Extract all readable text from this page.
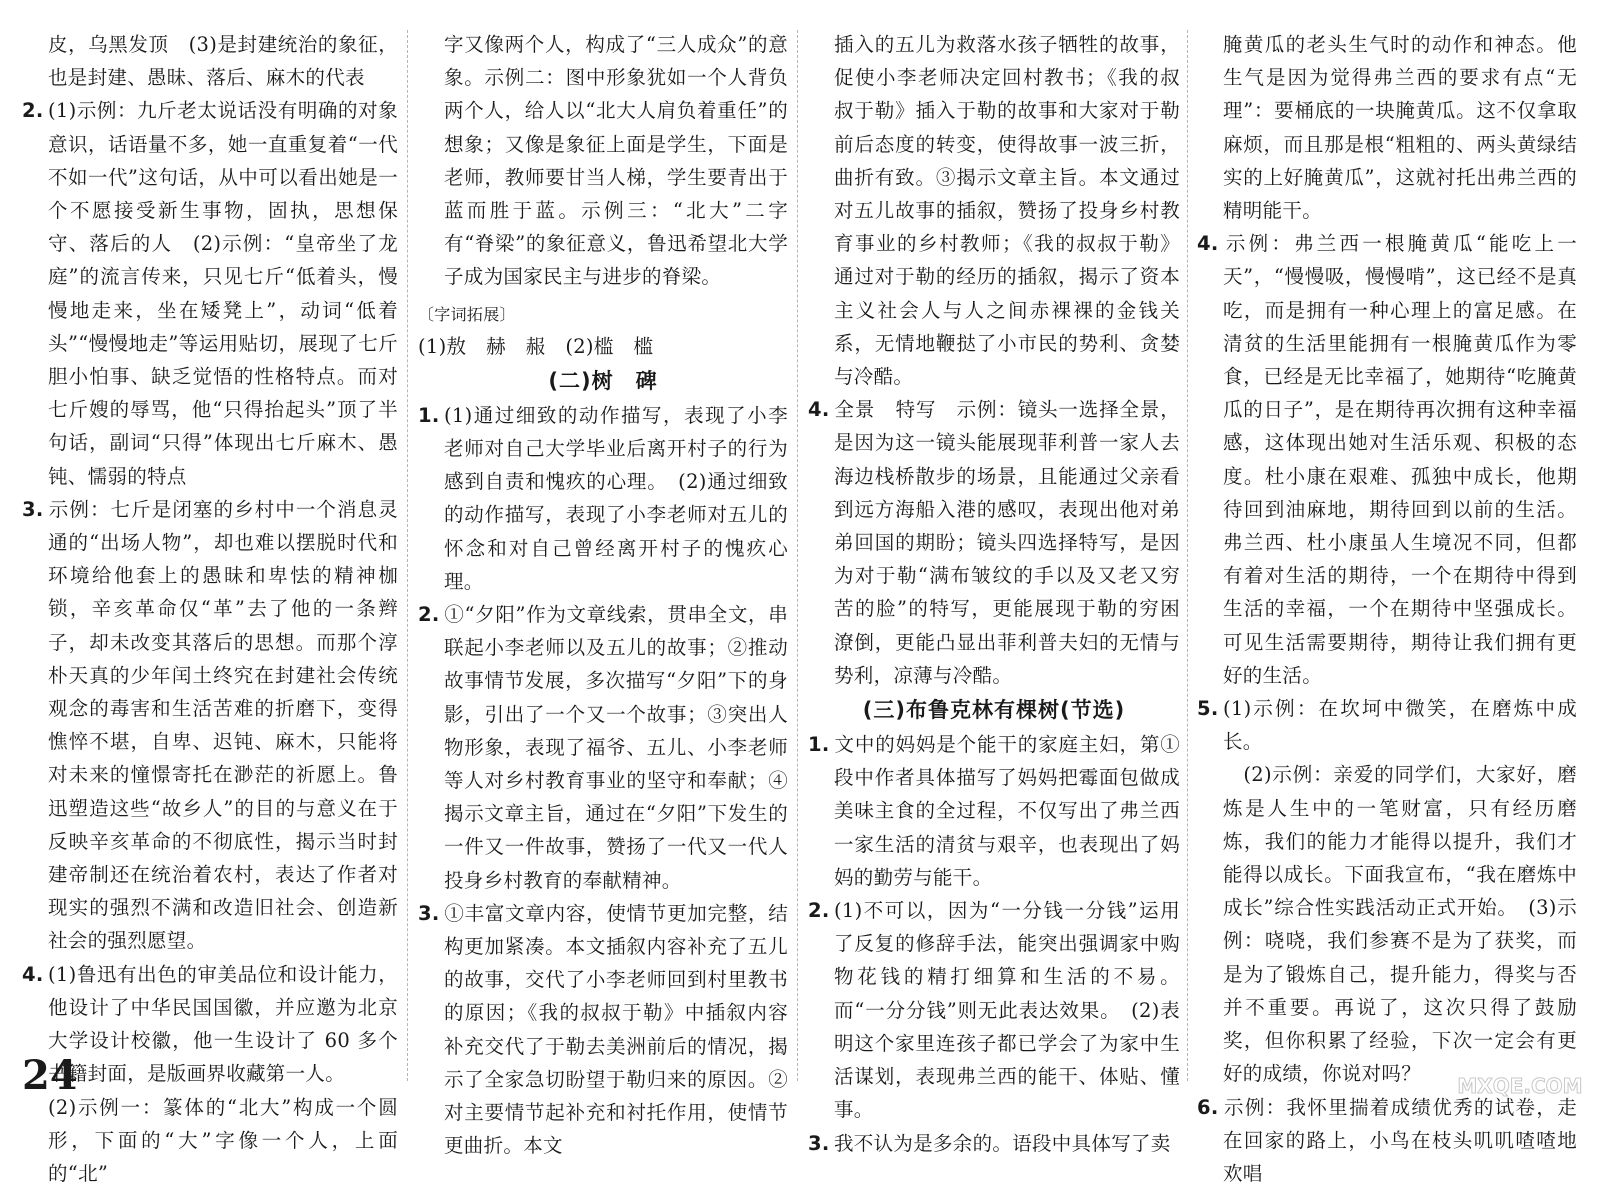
皮，乌黑发顶　(3)是封建统治的象征，也是封建、愚昧、落后、麻木的代表

2. (1)示例：九斤老太说话没有明确的对象意识，话语量不多，她一直重复着“一代不如一代”这句话，从中可以看出她是一个不愿接受新生事物，固执，思想保守、落后的人　(2)示例：“皇帝坐了龙庭”的流言传来，只见七斤“低着头，慢慢地走来，坐在矮凳上”，动词“低着头”“慢慢地走”等运用贴切，展现了七斤胆小怕事、缺乏觉悟的性格特点。而对七斤嫂的辱骂，他“只得抬起头”顶了半句话，副词“只得”体现出七斤麻木、愚钝、懦弱的特点

3. 示例：七斤是闭塞的乡村中一个消息灵通的“出场人物”，却也难以摆脱时代和环境给他套上的愚昧和卑怯的精神枷锁，辛亥革命仅“革”去了他的一条辫子，却未改变其落后的思想。而那个淳朴天真的少年闰土终究在封建社会传统观念的毒害和生活苦难的折磨下，变得憔悴不堪，自卑、迟钝、麻木，只能将对未来的憧憬寄托在渺茫的祈愿上。鲁迅塑造这些“故乡人”的目的与意义在于反映辛亥革命的不彻底性，揭示当时封建帝制还在统治着农村，表达了作者对现实的强烈不满和改造旧社会、创造新社会的强烈愿望。

4. (1)鲁迅有出色的审美品位和设计能力，他设计了中华民国国徽，并应邀为北京大学设计校徽，他一生设计了 60 多个书籍封面，是版画界收藏第一人。

(2)示例一：篆体的“北大”构成一个圆形，下面的“大”字像一个人，上面的“北”

字又像两个人，构成了“三人成众”的意象。示例二：图中形象犹如一个人背负两个人，给人以“北大人肩负着重任”的想象；又像是象征上面是学生，下面是老师，教师要甘当人梯，学生要青出于蓝而胜于蓝。示例三：“北大”二字有“脊梁”的象征意义，鲁迅希望北大学子成为国家民主与进步的脊梁。

〔字词拓展〕

(1)敖　赫　赧　(2)槛　槛

(二)树　碑

1. (1)通过细致的动作描写，表现了小李老师对自己大学毕业后离开村子的行为感到自责和愧疚的心理。　(2)通过细致的动作描写，表现了小李老师对五儿的怀念和对自己曾经离开村子的愧疚心理。

2. ①“夕阳”作为文章线索，贯串全文，串联起小李老师以及五儿的故事；②推动故事情节发展，多次描写“夕阳”下的身影，引出了一个又一个故事；③突出人物形象，表现了福爷、五儿、小李老师等人对乡村教育事业的坚守和奉献；④揭示文章主旨，通过在“夕阳”下发生的一件又一件故事，赞扬了一代又一代人投身乡村教育的奉献精神。

3. ①丰富文章内容，使情节更加完整，结构更加紧凑。本文插叙内容补充了五儿的故事，交代了小李老师回到村里教书的原因；《我的叔叔于勒》中插叙内容补充交代了于勒去美洲前后的情况，揭示了全家急切盼望于勒归来的原因。②对主要情节起补充和衬托作用，使情节更曲折。本文

插入的五儿为救落水孩子牺牲的故事，促使小李老师决定回村教书；《我的叔叔于勒》插入于勒的故事和大家对于勒前后态度的转变，使得故事一波三折，曲折有致。③揭示文章主旨。本文通过对五儿故事的插叙，赞扬了投身乡村教育事业的乡村教师；《我的叔叔于勒》通过对于勒的经历的插叙，揭示了资本主义社会人与人之间赤裸裸的金钱关系，无情地鞭挞了小市民的势利、贪婪与冷酷。

4. 全景　特写　示例：镜头一选择全景，是因为这一镜头能展现菲利普一家人去海边栈桥散步的场景，且能通过父亲看到远方海船入港的感叹，表现出他对弟弟回国的期盼；镜头四选择特写，是因为对于勒“满布皱纹的手以及又老又穷苦的脸”的特写，更能展现于勒的穷困潦倒，更能凸显出菲利普夫妇的无情与势利，凉薄与冷酷。

(三)布鲁克林有棵树(节选)

1. 文中的妈妈是个能干的家庭主妇，第①段中作者具体描写了妈妈把霉面包做成美味主食的全过程，不仅写出了弗兰西一家生活的清贫与艰辛，也表现出了妈妈的勤劳与能干。

2. (1)不可以，因为“一分钱一分钱”运用了反复的修辞手法，能突出强调家中购物花钱的精打细算和生活的不易。而“一分分钱”则无此表达效果。　(2)表明这个家里连孩子都已学会了为家中生活谋划，表现弗兰西的能干、体贴、懂事。

3. 我不认为是多余的。语段中具体写了卖

腌黄瓜的老头生气时的动作和神态。他生气是因为觉得弗兰西的要求有点“无理”：要桶底的一块腌黄瓜。这不仅拿取麻烦，而且那是根“粗粗的、两头黄绿结实的上好腌黄瓜”，这就衬托出弗兰西的精明能干。

4. 示例：弗兰西一根腌黄瓜“能吃上一天”，“慢慢吸，慢慢啃”，这已经不是真吃，而是拥有一种心理上的富足感。在清贫的生活里能拥有一根腌黄瓜作为零食，已经是无比幸福了，她期待“吃腌黄瓜的日子”，是在期待再次拥有这种幸福感，这体现出她对生活乐观、积极的态度。杜小康在艰难、孤独中成长，他期待回到油麻地，期待回到以前的生活。弗兰西、杜小康虽人生境况不同，但都有着对生活的期待，一个在期待中得到生活的幸福，一个在期待中坚强成长。可见生活需要期待，期待让我们拥有更好的生活。

5. (1)示例：在坎坷中微笑，在磨炼中成长。

　(2)示例：亲爱的同学们，大家好，磨炼是人生中的一笔财富，只有经历磨炼，我们的能力才能得以提升，我们才能得以成长。下面我宣布，“我在磨炼中成长”综合性实践活动正式开始。　(3)示例：哓哓，我们参赛不是为了获奖，而是为了锻炼自己，提升能力，得奖与否并不重要。再说了，这次只得了鼓励奖，但你积累了经验，下次一定会有更好的成绩，你说对吗？

6. 示例：我怀里揣着成绩优秀的试卷，走在回家的路上，小鸟在枝头叽叽喳喳地欢唱

24	MXQE.COM
